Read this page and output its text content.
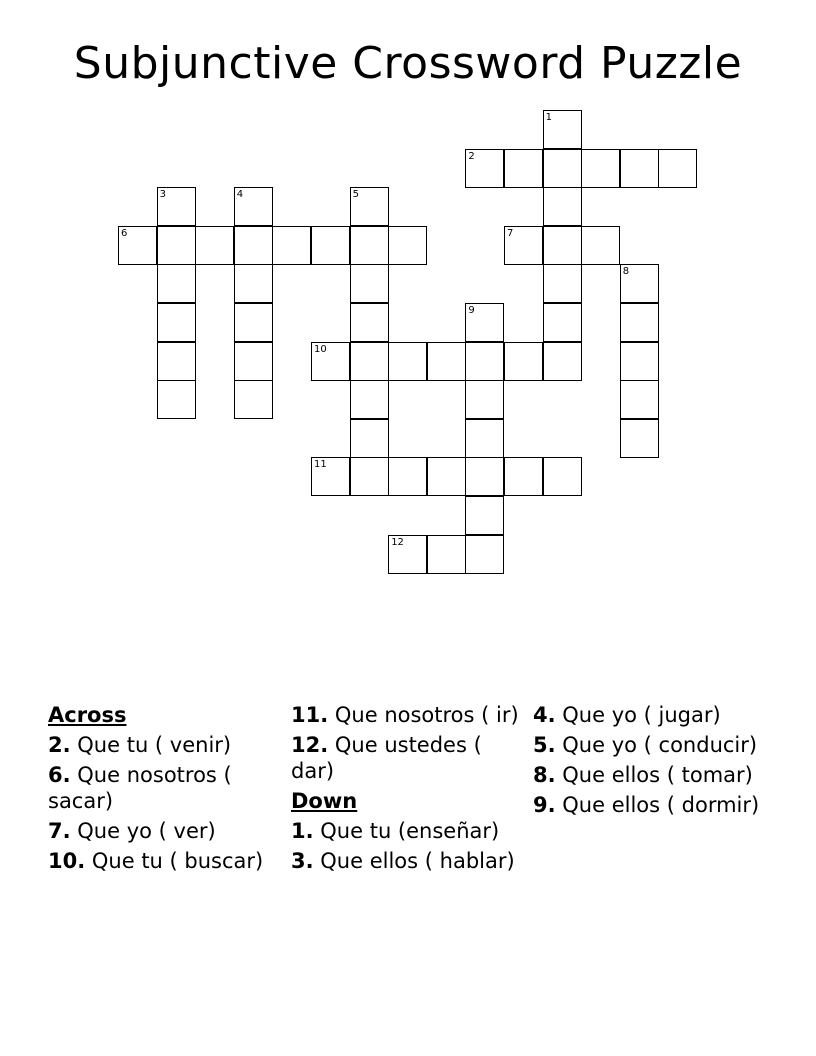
Subjunctive Crossword Puzzle
1
2
3	4	5
6	7
8
9
10
11
12
Across
2. Que tu ( venir)
6. Que nosotros ( sacar)
7. Que yo ( ver)
10. Que tu ( buscar)
11. Que nosotros ( ir)
12. Que ustedes ( dar)
Down
1. Que tu (enseñar)
3. Que ellos ( hablar)
4. Que yo ( jugar)
5. Que yo ( conducir)
8. Que ellos ( tomar)
9. Que ellos ( dormir)
